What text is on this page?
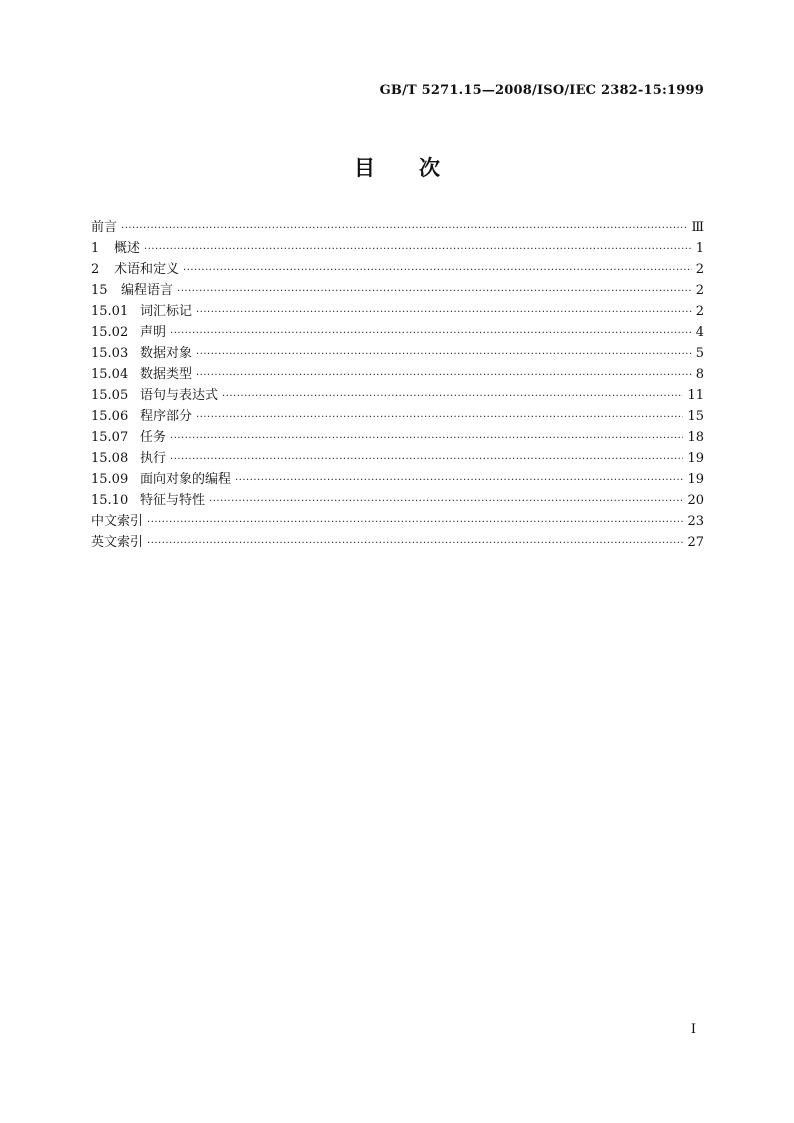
GB/T 5271.15—2008/ISO/IEC 2382-15:1999
目 次
前言 ·····	Ⅲ
1	概述 ·····	1
2	术语和定义 ·····	2
15	编程语言 ·····	2
15.01 词汇标记 ·····	2
15.02 声明 ·····	4
15.03 数据对象 ·····	5
15.04 数据类型 ·····	8
15.05 语句与表达式 ·····	11
15.06 程序部分 ·····	15
15.07 任务 ·····	18
15.08 执行 ·····	19
15.09 面向对象的编程 ·····	19
15.10 特征与特性 ·····	20
中文索引 ·····	23
英文索引 ·····	27
I
